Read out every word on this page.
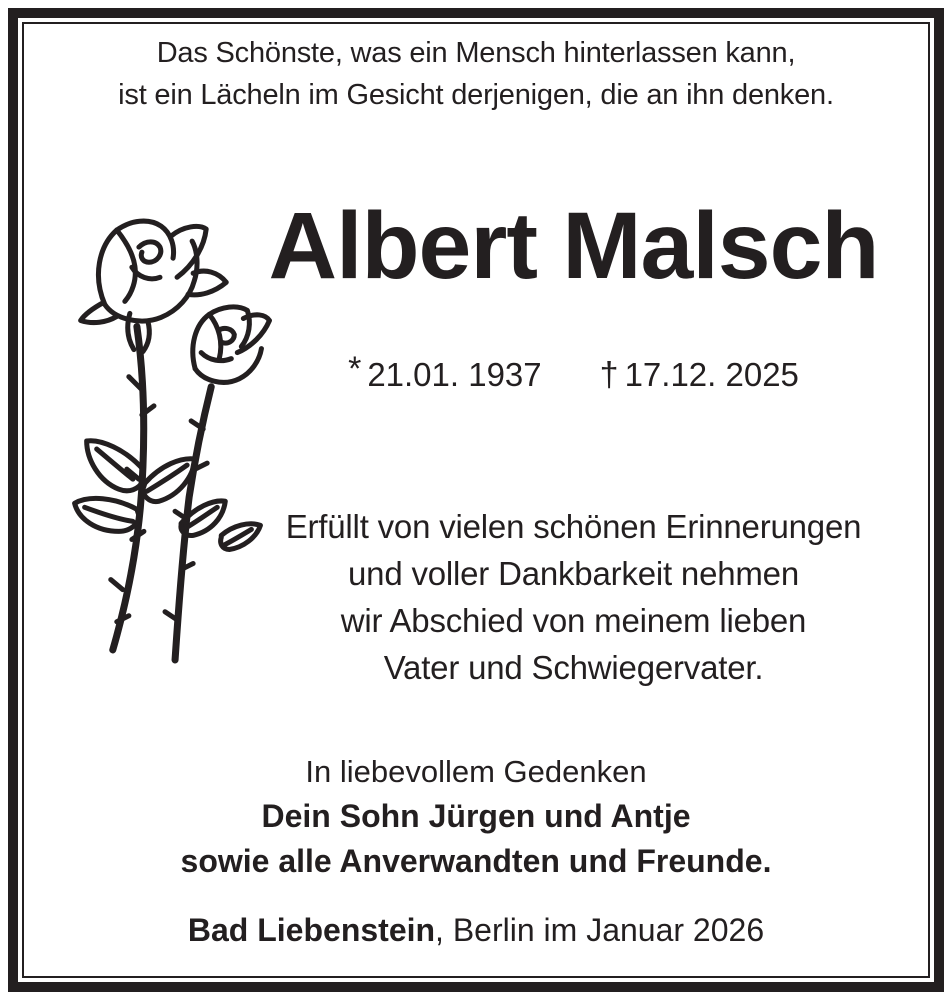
Das Schönste, was ein Mensch hinterlassen kann,
ist ein Lächeln im Gesicht derjenigen, die an ihn denken.
Albert Malsch
* 21.01. 1937 † 17.12. 2025
Erfüllt von vielen schönen Erinnerungen
und voller Dankbarkeit nehmen
wir Abschied von meinem lieben
Vater und Schwiegervater.
In liebevollem Gedenken
Dein Sohn Jürgen und Antje
sowie alle Anverwandten und Freunde.
Bad Liebenstein, Berlin im Januar 2026
